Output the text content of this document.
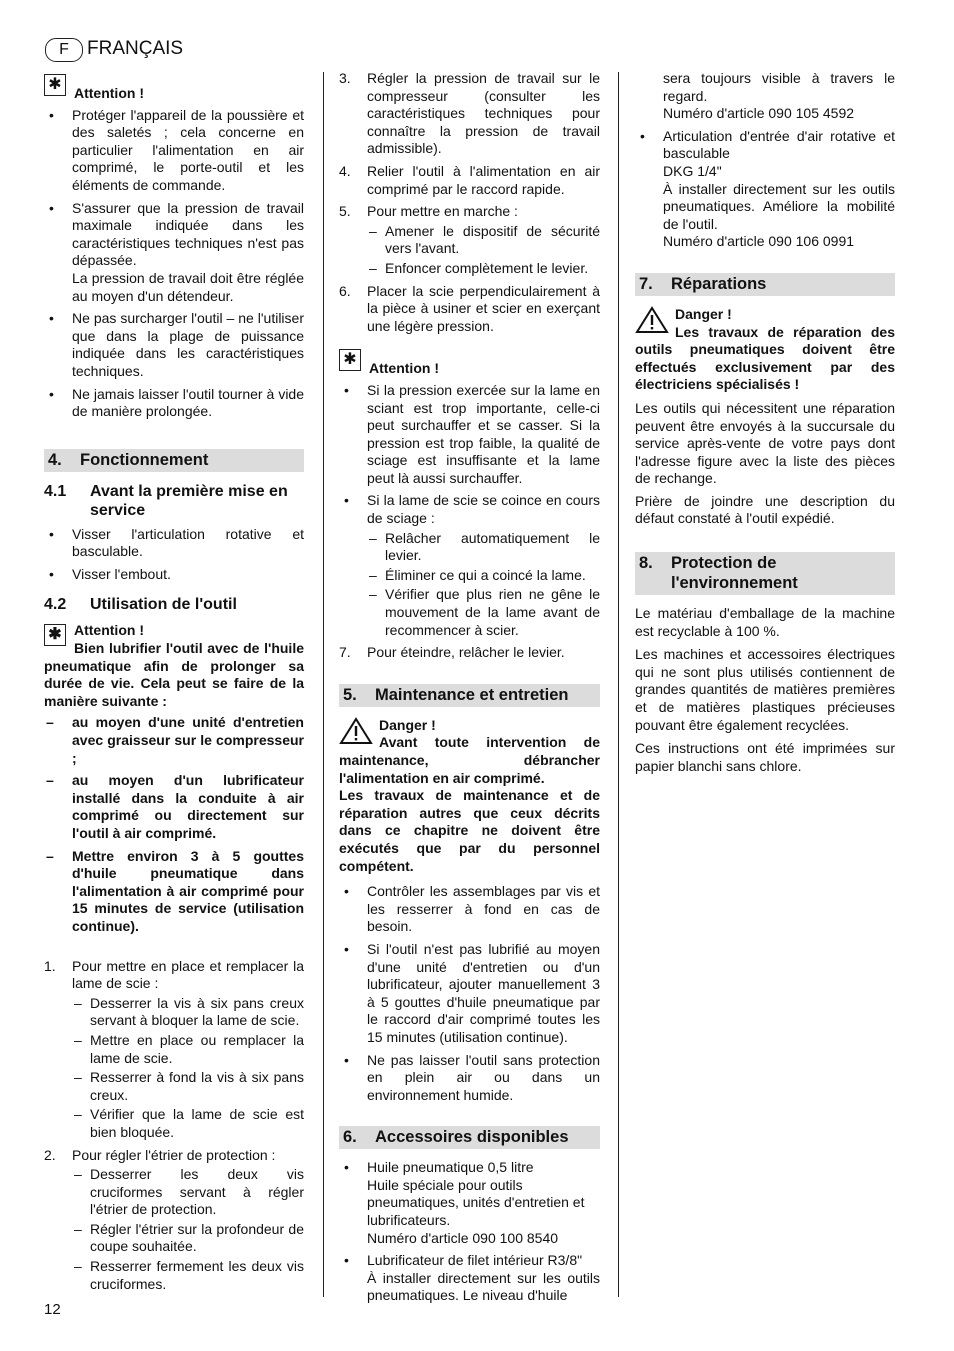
F FRANÇAIS
✱ Attention !

• Protéger l'appareil de la poussière et des saletés ; cela concerne en particulier l'alimentation en air comprimé, le porte-outil et les éléments de commande.
• S'assurer que la pression de travail maximale indiquée dans les caractéristiques techniques n'est pas dépassée.
La pression de travail doit être réglée au moyen d'un détendeur.
• Ne pas surcharger l'outil – ne l'utiliser que dans la plage de puissance indiquée dans les caractéristiques techniques.
• Ne jamais laisser l'outil tourner à vide de manière prolongée.
4. Fonctionnement
4.1 Avant la première mise en service
• Visser l'articulation rotative et basculable.
• Visser l'embout.
4.2 Utilisation de l'outil
✱ Attention !
Bien lubrifier l'outil avec de l'huile pneumatique afin de prolonger sa durée de vie. Cela peut se faire de la manière suivante :
– au moyen d'une unité d'entretien avec graisseur sur le compresseur ;
– au moyen d'un lubrificateur installé dans la conduite à air comprimé ou directement sur l'outil à air comprimé.
– Mettre environ 3 à 5 gouttes d'huile pneumatique dans l'alimentation à air comprimé pour 15 minutes de service (utilisation continue).
1. Pour mettre en place et remplacer la lame de scie :
– Desserrer la vis à six pans creux servant à bloquer la lame de scie.
– Mettre en place ou remplacer la lame de scie.
– Resserrer à fond la vis à six pans creux.
– Vérifier que la lame de scie est bien bloquée.
2. Pour régler l'étrier de protection :
– Desserrer les deux vis cruciformes servant à régler l'étrier de protection.
– Régler l'étrier sur la profondeur de coupe souhaitée.
– Resserrer fermement les deux vis cruciformes.
3. Régler la pression de travail sur le compresseur (consulter les caractéristiques techniques pour connaître la pression de travail admissible).
4. Relier l'outil à l'alimentation en air comprimé par le raccord rapide.
5. Pour mettre en marche :
– Amener le dispositif de sécurité vers l'avant.
– Enfoncer complètement le levier.
6. Placer la scie perpendiculairement à la pièce à usiner et scier en exerçant une légère pression.
✱ Attention !

• Si la pression exercée sur la lame en sciant est trop importante, celle-ci peut surchauffer et se casser. Si la pression est trop faible, la qualité de sciage est insuffisante et la lame peut là aussi surchauffer.
• Si la lame de scie se coince en cours de sciage :
– Relâcher automatiquement le levier.
– Éliminer ce qui a coincé la lame.
– Vérifier que plus rien ne gêne le mouvement de la lame avant de recommencer à scier.
7. Pour éteindre, relâcher le levier.
5. Maintenance et entretien
Danger !
Avant toute intervention de maintenance, débrancher l'alimentation en air comprimé.
Les travaux de maintenance et de réparation autres que ceux décrits dans ce chapitre ne doivent être exécutés que par du personnel compétent.
• Contrôler les assemblages par vis et les resserrer à fond en cas de besoin.
• Si l'outil n'est pas lubrifié au moyen d'une unité d'entretien ou d'un lubrificateur, ajouter manuellement 3 à 5 gouttes d'huile pneumatique par le raccord d'air comprimé toutes les 15 minutes (utilisation continue).
• Ne pas laisser l'outil sans protection en plein air ou dans un environnement humide.
6. Accessoires disponibles
• Huile pneumatique 0,5 litre
Huile spéciale pour outils pneumatiques, unités d'entretien et lubrificateurs.
Numéro d'article 090 100 8540
• Lubrificateur de filet intérieur R3/8"
À installer directement sur les outils pneumatiques. Le niveau d'huile
sera toujours visible à travers le regard.
Numéro d'article 090 105 4592
• Articulation d'entrée d'air rotative et basculable
DKG 1/4"
À installer directement sur les outils pneumatiques. Améliore la mobilité de l'outil.
Numéro d'article 090 106 0991
7. Réparations
Danger !
Les travaux de réparation des outils pneumatiques doivent être effectués exclusivement par des électriciens spécialisés !

Les outils qui nécessitent une réparation peuvent être envoyés à la succursale du service après-vente de votre pays dont l'adresse figure avec la liste des pièces de rechange.

Prière de joindre une description du défaut constaté à l'outil expédié.

8.	Protection de l'environnement

Le matériau d'emballage de la machine est recyclable à 100 %.

Les machines et accessoires électriques qui ne sont plus utilisés contiennent de grandes quantités de matières premières et de matières plastiques précieuses pouvant être également recyclées.

Ces instructions ont été imprimées sur papier blanchi sans chlore.

12
